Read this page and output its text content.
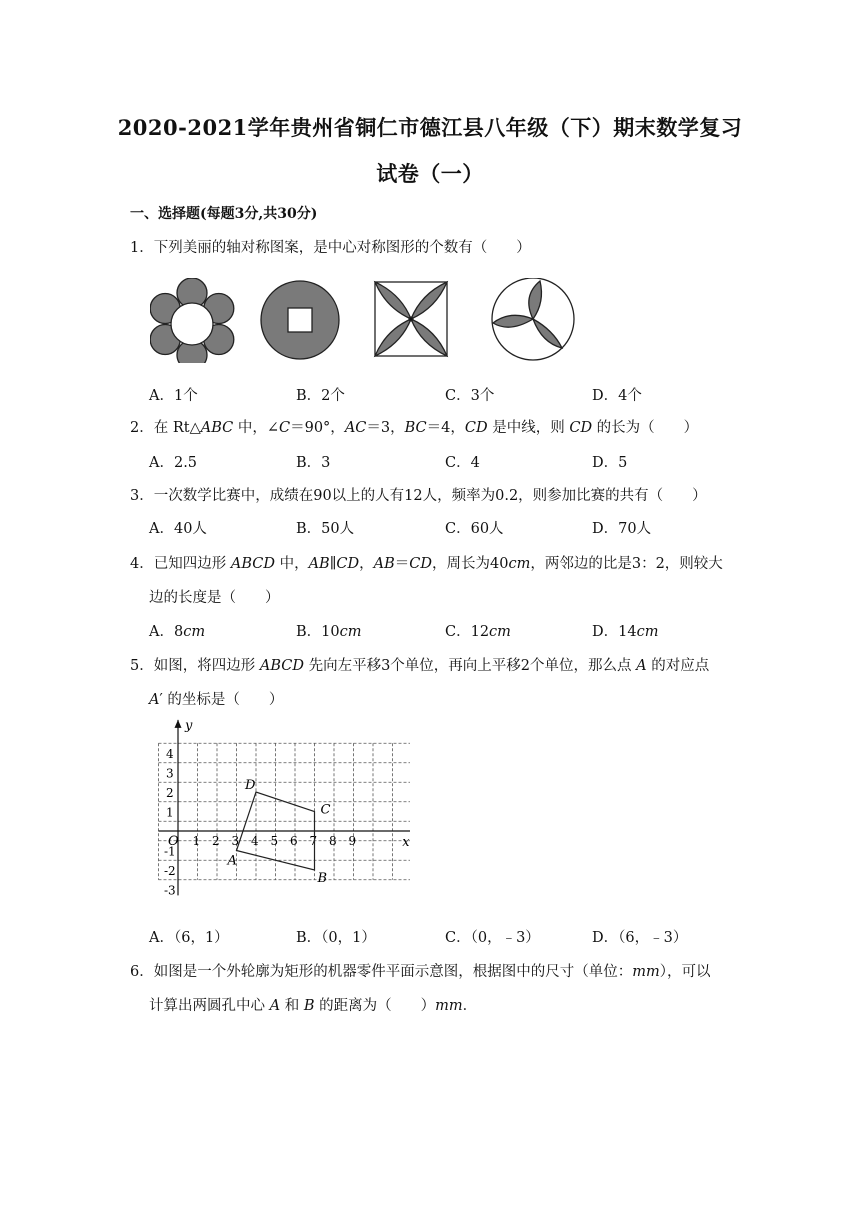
2020-2021学年贵州省铜仁市德江县八年级（下）期末数学复习
试卷（一）
一、选择题(每题3分,共30分)
1．下列美丽的轴对称图案，是中心对称图形的个数有（　　）
A．1个	B．2个	C．3个	D．4个
2．在 Rt△ABC 中，∠C＝90°，AC＝3，BC＝4，CD 是中线，则 CD 的长为（　　）
A．2.5	B．3	C．4	D．5
3．一次数学比赛中，成绩在90以上的人有12人，频率为0.2，则参加比赛的共有（　　）
A．40人	B．50人	C．60人	D．70人
4．已知四边形 ABCD 中，AB∥CD，AB＝CD，周长为40cm，两邻边的比是3：2，则较大
边的长度是（　　）
A．8cm	B．10cm	C．12cm	D．14cm
5．如图，将四边形 ABCD 先向左平移3个单位，再向上平移2个单位，那么点 A 的对应点
A′ 的坐标是（　　）
1 2 3 4 5 6 7 8 9
4
3
2
1
-1
-2
-3
A
B
C
D
y
x
O
A．（6，1）	B．（0，1）	C．（0，﹣3）	D．（6，﹣3）
6．如图是一个外轮廓为矩形的机器零件平面示意图，根据图中的尺寸（单位：mm），可以
计算出两圆孔中心 A 和 B 的距离为（　　）mm．
